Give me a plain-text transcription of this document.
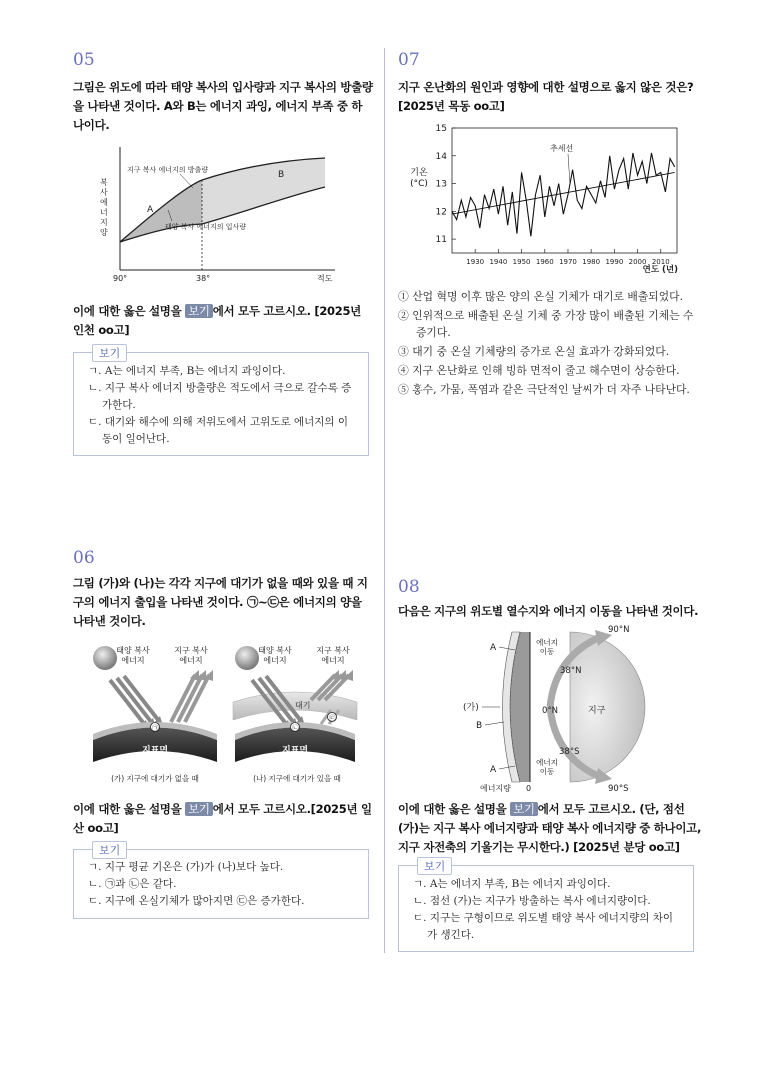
05
그림은 위도에 따라 태양 복사의 입사량과 지구 복사의 방출량을 나타낸 것이다. A와 B는 에너지 과잉, 에너지 부족 중 하나이다.
지구 복사 에너지의 방출량
태양 복사 에너지의 입사량
A
B
90°	38°	적도
복사 에너지 양
이에 대한 옳은 설명을 보기 에서 모두 고르시오. [2025년 인천 oo고]
보기
ㄱ. A는 에너지 부족, B는 에너지 과잉이다.
ㄴ. 지구 복사 에너지 방출량은 적도에서 극으로 갈수록 증가한다.
ㄷ. 대기와 해수에 의해 저위도에서 고위도로 에너지의 이동이 일어난다.
06
그림 (가)와 (나)는 각각 지구에 대기가 없을 때와 있을 때 지구의 에너지 출입을 나타낸 것이다. ㉠~㉢은 에너지의 양을 나타낸 것이다.
㉠
지표면
(가) 지구에 대기가 없을 때
대기
㉡
㉢
지표면
(나) 지구에 대기가 있을 때
태양 복사
에너지
지구 복사
에너지
태양 복사
에너지
지구 복사
에너지
이에 대한 옳은 설명을 보기 에서 모두 고르시오.[2025년 일산 oo고]
보기
ㄱ. 지구 평균 기온은 (가)가 (나)보다 높다.
ㄴ. ㉠과 ㉡은 같다.
ㄷ. 지구에 온실기체가 많아지면 ㉢은 증가한다.
07
지구 온난화의 원인과 영향에 대한 설명으로 옳지 않은 것은? [2025년 목동 oo고]
11
12
13
14
15
1930 1940 1950 1960 1970 1980 1990 2000 2010
추세선
연도 (년)
기온 (°C)
① 산업 혁명 이후 많은 양의 온실 기체가 대기로 배출되었다.
② 인위적으로 배출된 온실 기체 중 가장 많이 배출된 기체는 수증기다.
③ 대기 중 온실 기체량의 증가로 온실 효과가 강화되었다.
④ 지구 온난화로 인해 빙하 면적이 줄고 해수면이 상승한다.
⑤ 홍수, 가뭄, 폭염과 같은 극단적인 날씨가 더 자주 나타난다.
08
다음은 지구의 위도별 열수지와 에너지 이동을 나타낸 것이다.
90°N
38°N
0°N	지구
38°S
90°S
A
(가)
B
A
에너지량 0
에너지
이동
에너지
이동
이에 대한 옳은 설명을 보기 에서 모두 고르시오. (단, 점선 (가)는 지구 복사 에너지량과 태양 복사 에너지량 중 하나이고, 지구 자전축의 기울기는 무시한다.) [2025년 분당 oo고]
보기
ㄱ. A는 에너지 부족, B는 에너지 과잉이다.
ㄴ. 점선 (가)는 지구가 방출하는 복사 에너지량이다.
ㄷ. 지구는 구형이므로 위도별 태양 복사 에너지량의 차이가 생긴다.
